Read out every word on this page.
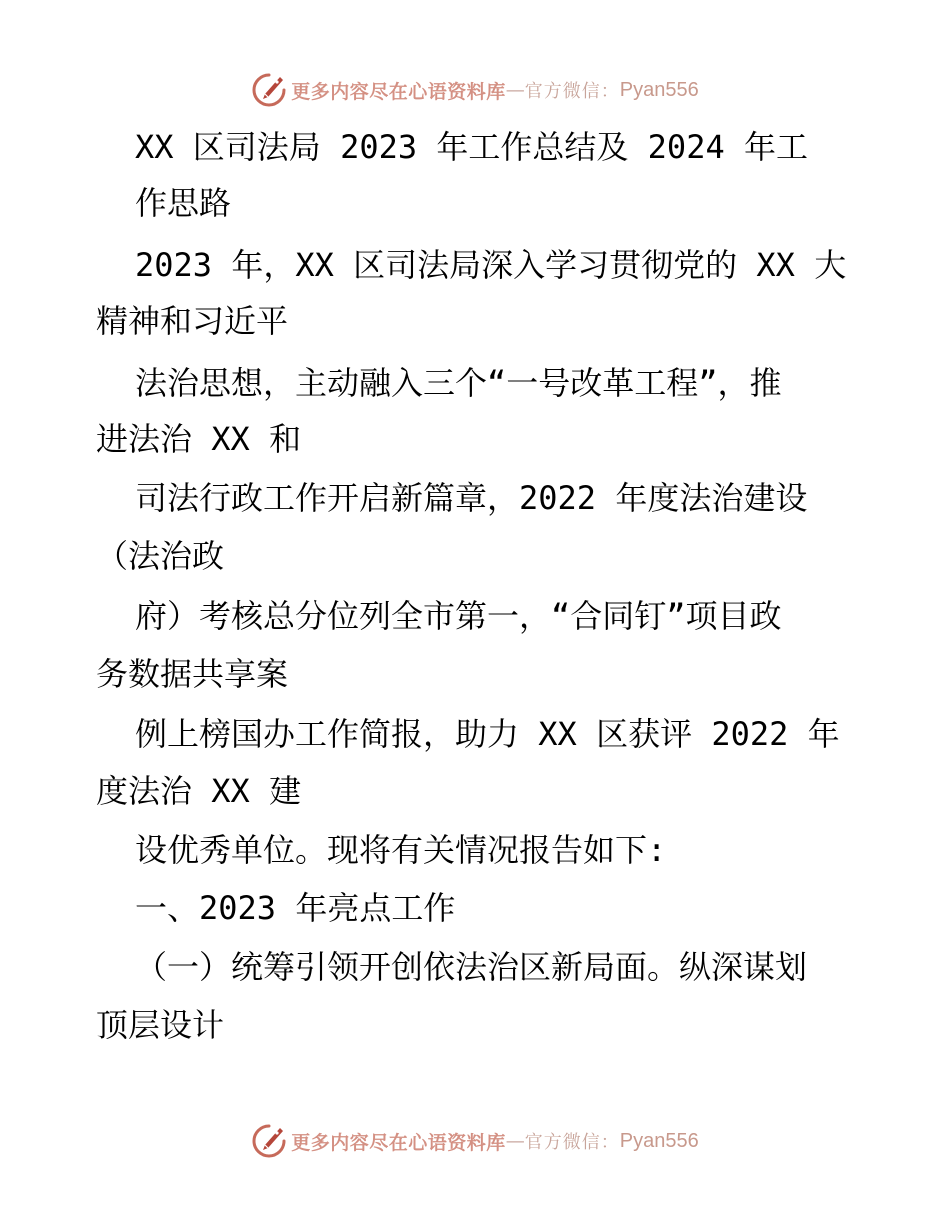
更多内容尽在心语资料库 — 官方微信： Pyan556
XX 区司法局 2023 年工作总结及 2024 年工
作思路
2023 年，XX 区司法局深入学习贯彻党的 XX 大
精神和习近平
法治思想，主动融入三个“一号改革工程”，推
进法治 XX 和
司法行政工作开启新篇章，2022 年度法治建设
（法治政
府）考核总分位列全市第一，“合同钉”项目政
务数据共享案
例上榜国办工作简报，助力 XX 区获评 2022 年
度法治 XX 建
设优秀单位。现将有关情况报告如下:
一、2023 年亮点工作
（一）统筹引领开创依法治区新局面。纵深谋划
顶层设计
更多内容尽在心语资料库 — 官方微信： Pyan556
